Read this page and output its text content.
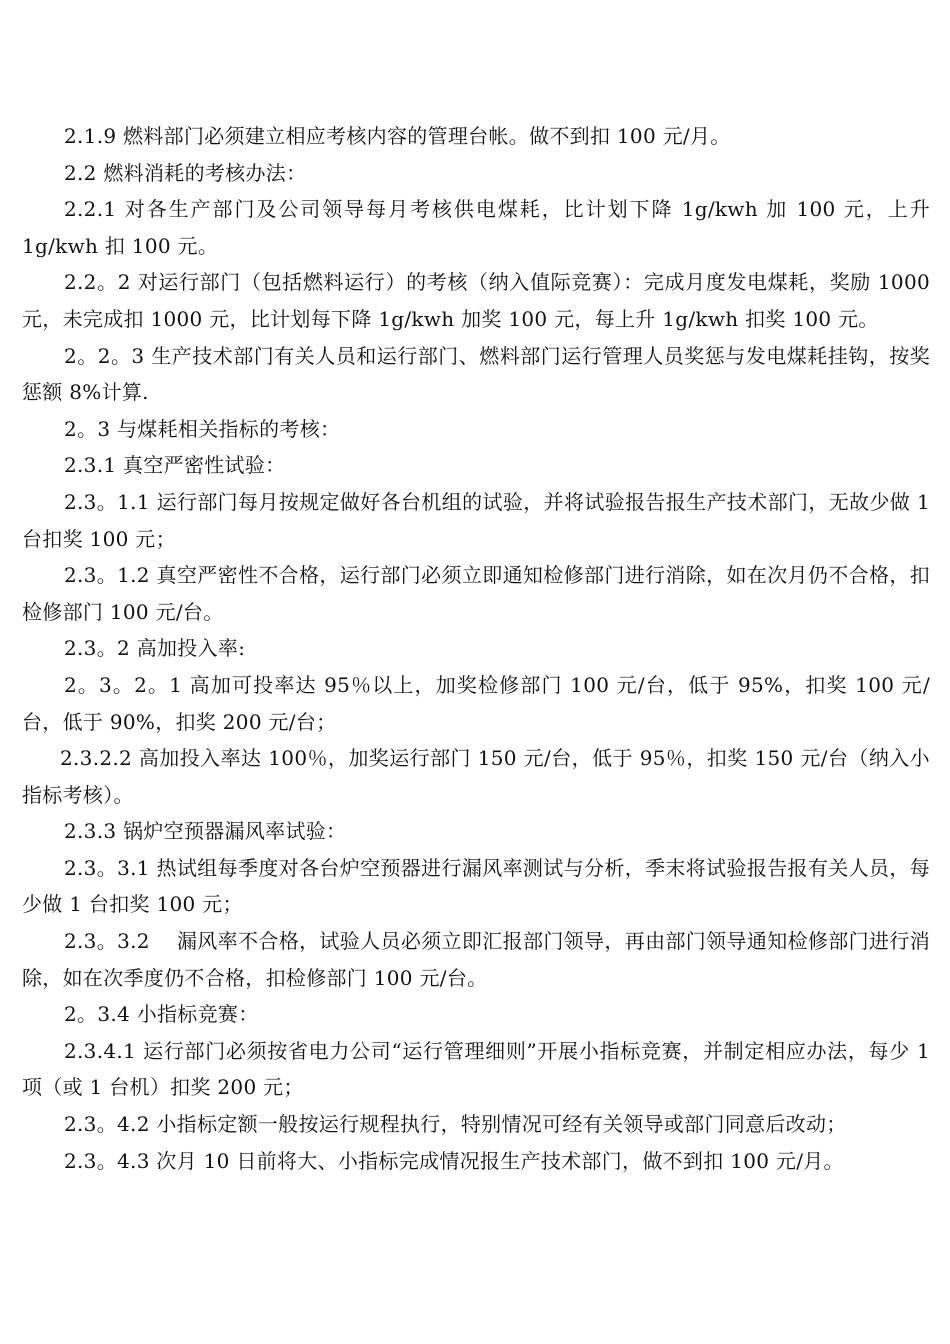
2.1.9 燃料部门必须建立相应考核内容的管理台帐。做不到扣 100 元/月。

2.2 燃料消耗的考核办法：

2.2.1 对各生产部门及公司领导每月考核供电煤耗，比计划下降 1g/kwh 加 100 元，上升 1g/kwh 扣 100 元。

2.2。2 对运行部门（包括燃料运行）的考核（纳入值际竞赛）：完成月度发电煤耗，奖励 1000 元，未完成扣 1000 元，比计划每下降 1g/kwh 加奖 100 元，每上升 1g/kwh 扣奖 100 元。

2。2。3 生产技术部门有关人员和运行部门、燃料部门运行管理人员奖惩与发电煤耗挂钩，按奖惩额 8%计算.

2。3 与煤耗相关指标的考核：

2.3.1 真空严密性试验：

2.3。1.1 运行部门每月按规定做好各台机组的试验，并将试验报告报生产技术部门，无故少做 1 台扣奖 100 元；

2.3。1.2 真空严密性不合格，运行部门必须立即通知检修部门进行消除，如在次月仍不合格，扣检修部门 100 元/台。

2.3。2 高加投入率:

2。3。2。1 高加可投率达 95％以上，加奖检修部门 100 元/台，低于 95%，扣奖 100 元/台，低于 90%，扣奖 200 元/台；

2.3.2.2 高加投入率达 100％，加奖运行部门 150 元/台，低于 95％，扣奖 150 元/台（纳入小指标考核）。

2.3.3 锅炉空预器漏风率试验：

2.3。3.1 热试组每季度对各台炉空预器进行漏风率测试与分析，季末将试验报告报有关人员，每少做 1 台扣奖 100 元；

2.3。3.2　 漏风率不合格，试验人员必须立即汇报部门领导，再由部门领导通知检修部门进行消除，如在次季度仍不合格，扣检修部门 100 元/台。

2。3.4 小指标竞赛：

2.3.4.1 运行部门必须按省电力公司“运行管理细则”开展小指标竞赛，并制定相应办法，每少 1 项（或 1 台机）扣奖 200 元；

2.3。4.2 小指标定额一般按运行规程执行，特别情况可经有关领导或部门同意后改动；

2.3。4.3 次月 10 日前将大、小指标完成情况报生产技术部门，做不到扣 100 元/月。
